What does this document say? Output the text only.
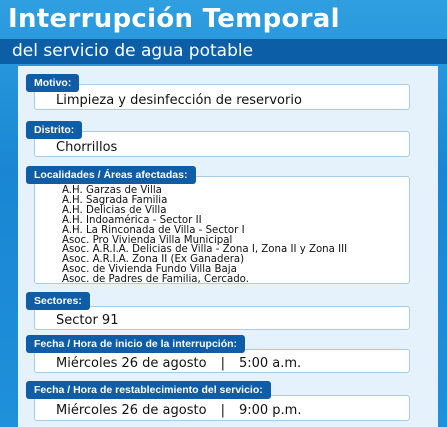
Interrupción Temporal
del servicio de agua potable
Motivo:
Limpieza y desinfección de reservorio
Distrito:
Chorrillos
Localidades / Áreas afectadas:
A.H. Garzas de Villa
A.H. Sagrada Familia
A.H. Delicias de Villa
A.H. Indoamérica - Sector II
A.H. La Rinconada de Villa - Sector I
Asoc. Pro Vivienda Villa Municipal
Asoc. A.R.I.A. Delicias de Villa - Zona I, Zona II y Zona III
Asoc. A.R.I.A. Zona II (Ex Ganadera)
Asoc. de Vivienda Fundo Villa Baja
Asoc. de Padres de Familia, Cercado.
Sectores:
Sector 91
Fecha / Hora de inicio de la interrupción:
Miércoles 26 de agosto | 5:00 a.m.
Fecha / Hora de restablecimiento del servicio:
Miércoles 26 de agosto | 9:00 p.m.
